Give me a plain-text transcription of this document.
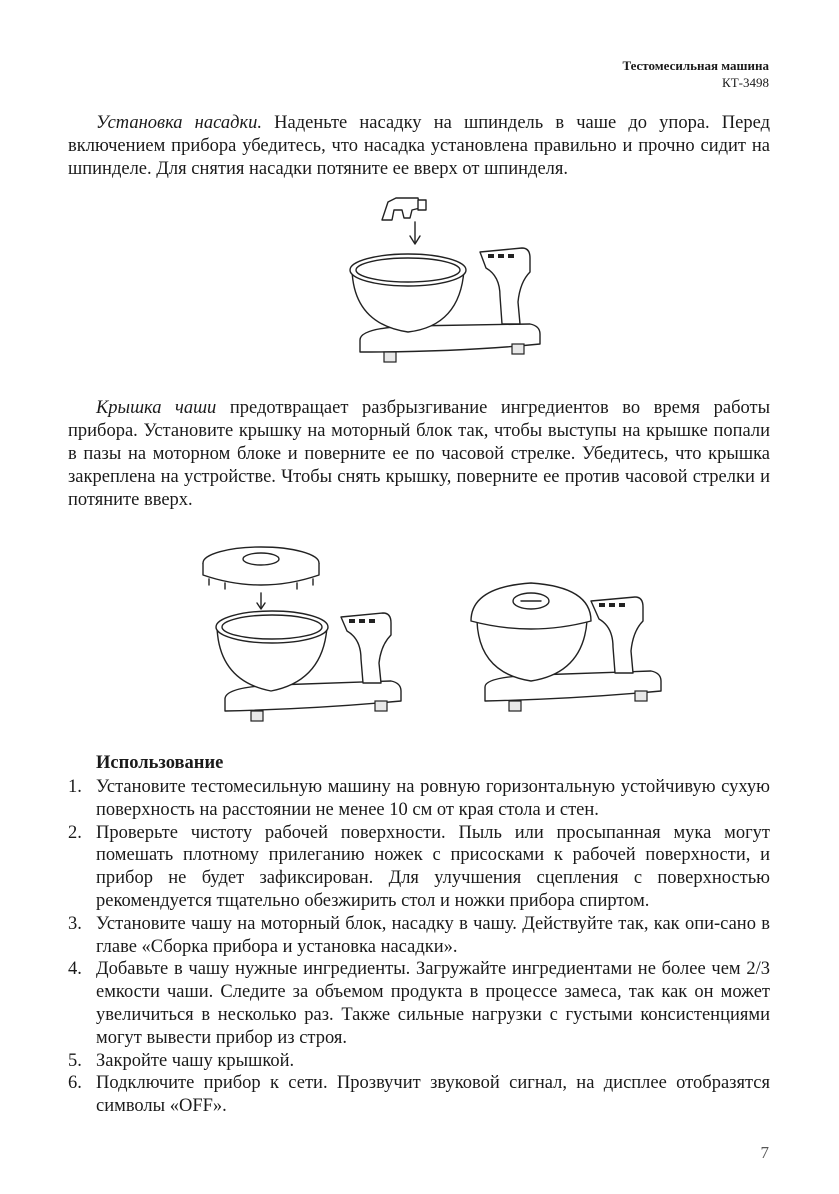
Тестомесильная машина
КТ-3498
Установка насадки. Наденьте насадку на шпиндель в чаше до упора. Перед включением прибора убедитесь, что насадка установлена правильно и прочно сидит на шпинделе. Для снятия насадки потяните ее вверх от шпинделя.
Крышка чаши предотвращает разбрызгивание ингредиентов во время работы прибора. Установите крышку на моторный блок так, чтобы выступы на крышке попали в пазы на моторном блоке и поверните ее по часовой стрелке. Убедитесь, что крышка закреплена на устройстве. Чтобы снять крышку, поверните ее против часовой стрелки и потяните вверх.
Использование
1. Установите тестомесильную машину на ровную горизонтальную устойчивую сухую поверхность на расстоянии не менее 10 см от края стола и стен.
2. Проверьте чистоту рабочей поверхности. Пыль или просыпанная мука могут помешать плотному прилеганию ножек с присосками к рабочей поверхности, и прибор не будет зафиксирован. Для улучшения сцепления с поверхностью рекомендуется тщательно обезжирить стол и ножки прибора спиртом.
3. Установите чашу на моторный блок, насадку в чашу. Действуйте так, как опи-сано в главе «Сборка прибора и установка насадки».
4. Добавьте в чашу нужные ингредиенты. Загружайте ингредиентами не более чем 2/3 емкости чаши. Следите за объемом продукта в процессе замеса, так как он может увеличиться в несколько раз. Также сильные нагрузки с густыми консистенциями могут вывести прибор из строя.
5. Закройте чашу крышкой.
6. Подключите прибор к сети. Прозвучит звуковой сигнал, на дисплее отобразятся символы «OFF».
7
